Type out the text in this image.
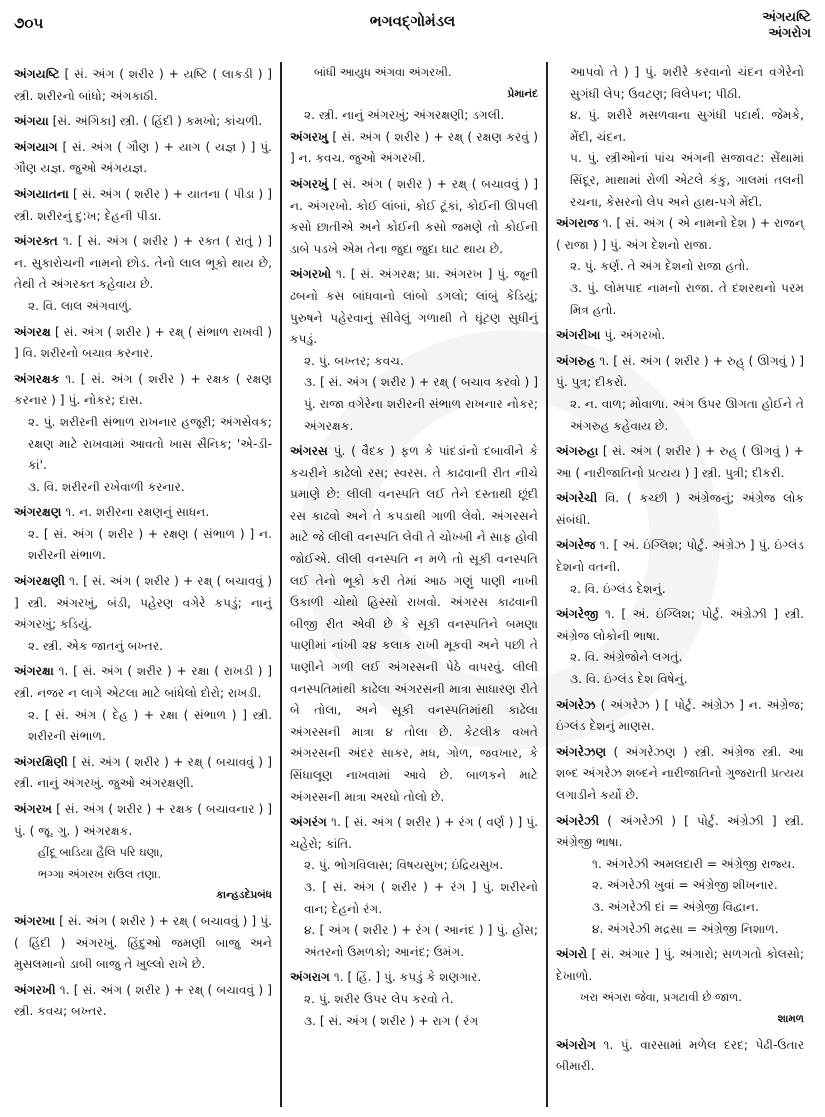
૭૦૫	ભગવદ્ગોમંડલ	અંગયષ્ટિ
અંગરોગ
અંગયષ્ટિ [ સં. અંગ ( શરીર ) + યષ્ટિ ( લાકડી ) ] સ્ત્રી. શરીરનો બાંધો; અંગકાઠી.
અંગયા [સં. અંગિકા] સ્ત્રી. ( હિંદી ) કમખો; કાંચળી.
અંગયાગ [ સં. અંગ ( ગૌણ ) + યાગ ( યજ્ઞ ) ] પું. ગૌણ યજ્ઞ. જુઓ અંગયજ્ઞ.
અંગયાતના [ સં. અંગ ( શરીર ) + યાતના ( પીડા ) ] સ્ત્રી. શરીરનું દુ:ખ; દેહની પીડા.
અંગરક્ત ૧. [ સં. અંગ ( શરીર ) + રક્ત ( રાતું ) ] ન. સુકારોચની નામનો છોડ. તેનો લાલ ભૂકો થાય છે, તેથી તે અંગરક્ત કહેવાય છે.
૨. વિ. લાલ અંગવાળું.
અંગરક્ષ [ સં. અંગ ( શરીર ) + રક્ષ્ ( સંભાળ રાખવી ) ] વિ. શરીરનો બચાવ કરનાર.
અંગરક્ષક ૧. [ સં. અંગ ( શરીર ) + રક્ષક ( રક્ષણ કરનાર ) ] પું. નોકર; દાસ.
૨. પું. શરીરની સંભાળ રાખનાર હજૂરી; અંગસેવક; રક્ષણ માટે રાખવામાં આવતો ખાસ સૈનિક; 'એ-ડી-કાં'.
૩. વિ. શરીરની રખેવાળી કરનાર.
અંગરક્ષણ ૧. ન. શરીરના રક્ષણનું સાધન.
૨. [ સં. અંગ ( શરીર ) + રક્ષણ ( સંભાળ ) ] ન. શરીરની સંભાળ.
અંગરક્ષણી ૧. [ સં. અંગ ( શરીર ) + રક્ષ્ ( બચાવવું ) ] સ્ત્રી. અંગરખું, બંડી, પહેરણ વગેરે કપડું; નાનું અંગરખું; કડિયું.
૨. સ્ત્રી. એક જાતનું બખ્તર.
અંગરક્ષા ૧. [ સં. અંગ ( શરીર ) + રક્ષા ( રાખડી ) ] સ્ત્રી. નજર ન લાગે એટલા માટે બાંધેલો દોરો; રાખડી.
૨. [ સં. અંગ ( દેહ ) + રક્ષા ( સંભાળ ) ] સ્ત્રી. શરીરની સંભાળ.
અંગરક્ષિણી [ સં. અંગ ( શરીર ) + રક્ષ્ ( બચાવવું ) ] સ્ત્રી. નાનું અંગરખું. જુઓ અંગરક્ષણી.
અંગરખ [ સં. અંગ ( શરીર ) + રક્ષક ( બચાવનાર ) ] પું. ( જૂ. ગુ. ) અંગરક્ષક.
હીંદૂ બાડિયા હૈલિ પરિ ઘણા,
ભગ્ગા અંગરખ રાઉલ તણા.
કાન્હડદેપ્રબંધ
અંગરખા [ સં. અંગ ( શરીર ) + રક્ષ્ ( બચાવવું ) ] પું. ( હિંદી ) અંગરખું. હિંદુઓ જમણી બાજુ અને મુસલમાનો ડાબી બાજુ તે ખુલ્લો રાખે છે.
અંગરખી ૧. [ સં. અંગ ( શરીર ) + રક્ષ્ ( બચાવવું ) ] સ્ત્રી. કવચ; બખ્તર.
બાંધી આયુધ અંગવા અંગરખી.
પ્રેમાનંદ
૨. સ્ત્રી. નાનું અંગરખું; અંગરક્ષણી; ડગલી.
અંગરખુ [ સં. અંગ ( શરીર ) + રક્ષ્ ( રક્ષણ કરવું ) ] ન. કવચ. જુઓ અંગરખી.
અંગરખું [ સં. અંગ ( શરીર ) + રક્ષ્ ( બચાવવું ) ] ન. અંગરખો. કોઈ લાંબાં, કોઈ ટૂંકાં, કોઈની ઊપલી કસો છાતીએ અને કોઈની કસો જમણે તો કોઈની ડાબે પડખે એમ તેના જુદા જુદા ઘાટ થાય છે.
અંગરખો ૧. [ સં. અંગરક્ષ; પ્રા. અંગરખ ] પું. જૂની ઢબનો કસ બાંધવાનો લાંબો ડગલો; લાંબું કેડિયું; પુરુષને પહેરવાનું સીવેલું ગળાથી તે ઘૂંટણ સુધીનું કપડું.
૨. પું. બખ્તર; કવચ.
૩. [ સં. અંગ ( શરીર ) + રક્ષ્ ( બચાવ કરવો ) ] પું. રાજા વગેરેના શરીરની સંભાળ રાખનાર નોકર; અંગરક્ષક.
અંગરસ પું. ( વૈદક ) ફળ કે પાંદડાંનો દબાવીને કે કચરીને કાઢેલો રસ; સ્વરસ. તે કાઢવાની રીત નીચે પ્રમાણે છે: લીલી વનસ્પતિ લઈ તેને દસ્તાથી છૂંદી રસ કાઢવો અને તે કપડાથી ગાળી લેવો. અંગરસને માટે જે લીલી વનસ્પતિ લેવી તે ચોખ્ખી ને સાફ હોવી જોઈએ. લીલી વનસ્પતિ ન મળે તો સૂકી વનસ્પતિ લઈ તેનો ભૂકો કરી તેમાં આઠ ગણું પાણી નાખી ઉકાળી ચોથો હિસ્સો રાખવો. અંગરસ કાઢવાની બીજી રીત એવી છે કે સૂકી વનસ્પતિને બમણા પાણીમાં નાંખી ૨૪ કલાક રાખી મૂકવી અને પછી તે પાણીને ગળી લઈ અંગરસની પેઠે વાપરવું. લીલી વનસ્પતિમાંથી કાઢેલા અંગરસની માત્રા સાધારણ રીતે બે તોલા, અને સૂકી વનસ્પતિમાંથી કાઢેલા અંગરસની માત્રા ૪ તોલા છે. કેટલીક વખતે અંગરસની અંદર સાકર, મધ, ગોળ, જવખાર, કે સિંધાલૂણ નાખવામાં આવે છે. બાળકને માટે અંગરસની માત્રા અરધો તોલો છે.
અંગરંગ ૧. [ સં. અંગ ( શરીર ) + રંગ ( વર્ણ ) ] પું. ચહેરો; કાંતિ.
૨. પું. ભોગવિલાસ; વિષયસુખ; ઇંદ્રિયસુખ.
૩. [ સં. અંગ ( શરીર ) + રંગ ] પું. શરીરનો વાન; દેહનો રંગ.
૪. [ અંગ ( શરીર ) + રંગ ( આનંદ ) ] પું. હોંસ; અંતરનો ઉમળકો; આનંદ; ઉમંગ.
અંગરાગ ૧. [ હિં. ] પું. કપડું કે શણગાર.
૨. પું. શરીર ઉપર લેપ કરવો તે.
૩. [ સં. અંગ ( શરીર ) + રાગ ( રંગ
આપવો તે ) ] પું. શરીરે કરવાનો ચંદન વગેરેનો સુગંધી લેપ; ઉવટણ; વિલેપન; પીઠી.
૪. પું. શરીરે મસળવાના સુગંધી પદાર્થ. જેમકે, મેંદી, ચંદન.
૫. પું. સ્ત્રીઓનાં પાંચ અંગની સજાવટ: સેંથામાં સિંદૂર, માથામાં રોળી એટલે કંકુ, ગાલમાં તલની રચના, કેસરનો લેપ અને હાથ-પગે મેંદી.
અંગરાજ ૧. [ સં. અંગ ( એ નામનો દેશ ) + રાજન્ ( રાજા ) ] પું. અંગ દેશનો રાજા.
૨. પું. કર્ણ. તે અંગ દેશનો રાજા હતો.
૩. પું. લોમપાદ નામનો રાજા. તે દશરથનો પરમ મિત્ર હતો.
અંગરીખા પું. અંગરખો.
અંગરુહ ૧. [ સં. અંગ ( શરીર ) + રુહ્ ( ઊગવું ) ] પું. પુત્ર; દીકરો.
૨. ન. વાળ; મોવાળા. અંગ ઉપર ઊગતા હોઈને તે અંગરુહ કહેવાય છે.
અંગરુહા [ સં. અંગ ( શરીર ) + રુહ્ ( ઊગવું ) + આ ( નારીજાતિનો પ્રત્યય ) ] સ્ત્રી. પુત્રી; દીકરી.
અંગરેચી વિ. ( કચ્છી ) અંગ્રેજનું; અંગ્રેજ લોક સંબંધી.
અંગરેજ ૧. [ અં. ઇંગ્લિશ; પોર્ટુ. અંગ્રેઝ ] પું. ઇંગ્લંડ દેશનો વતની.
૨. વિ. ઇંગ્લંડ દેશનું.
અંગરેજી ૧. [ અં. ઇંગ્લિશ; પોર્ટુ. અંગ્રેઝી ] સ્ત્રી. અંગ્રેજ લોકોની ભાષા.
૨. વિ. અંગ્રેજોને લગતું.
૩. વિ. ઇંગ્લંડ દેશ વિષેનું.
અંગરેઝ ( અંગરેઝ ) [ પોર્ટુ. અંગ્રેઝ ] ન. અંગ્રેજ; ઇંગ્લંડ દેશનું માણસ.
અંગરેઝણ ( અંગરેઝણ ) સ્ત્રી. અંગ્રેજ સ્ત્રી. આ શબ્દ અંગરેઝ શબ્દને નારીજાતિનો ગુજરાતી પ્રત્યય લગાડીને કર્યો છે.
અંગરેઝી ( અંગરેઝી ) [ પોર્ટુ. અંગ્રેઝી ] સ્ત્રી. અંગ્રેજી ભાષા.
૧. અંગરેઝી અમલદારી = અંગ્રેજી રાજ્ય.
૨. અંગરેઝી ખુવાં = અંગ્રેજી શીખનાર.
૩. અંગરેઝી દાં = અંગ્રેજી વિદ્વાન.
૪. અંગરેઝી મદ્રસા = અંગ્રેજી નિશાળ.
અંગરો [ સં. અંગાર ] પું. અંગારો; સળગતો કોલસો; દેખાળો.
ખરા અંગરા જેવા, પ્રગટાવી છે જાળ.
શામળ
અંગરોગ ૧. પું. વારસામાં મળેલ દરદ; પેઢી-ઉતાર બીમારી.
